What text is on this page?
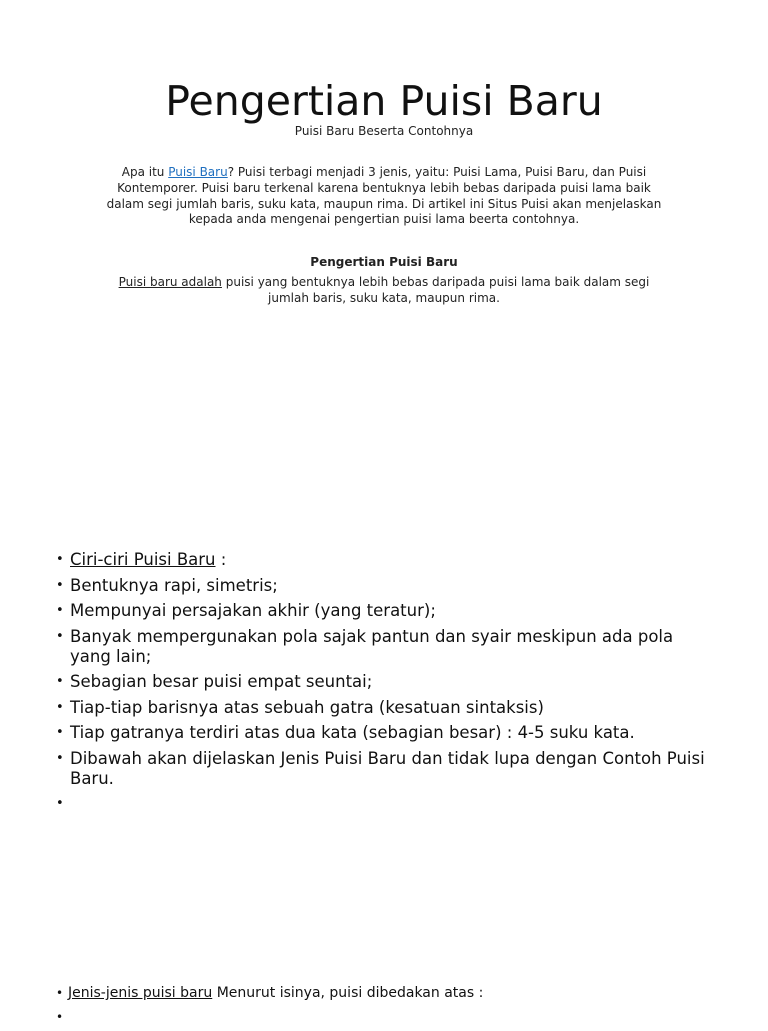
Pengertian Puisi Baru
Puisi Baru Beserta Contohnya

Apa itu Puisi Baru? Puisi terbagi menjadi 3 jenis, yaitu: Puisi Lama, Puisi Baru, dan Puisi Kontemporer. Puisi baru terkenal karena bentuknya lebih bebas daripada puisi lama baik dalam segi jumlah baris, suku kata, maupun rima. Di artikel ini Situs Puisi akan menjelaskan kepada anda mengenai pengertian puisi lama beerta contohnya.

Pengertian Puisi Baru

Puisi baru adalah puisi yang bentuknya lebih bebas daripada puisi lama baik dalam segi jumlah baris, suku kata, maupun rima.

• Ciri-ciri Puisi Baru :
• Bentuknya rapi, simetris;
• Mempunyai persajakan akhir (yang teratur);
• Banyak mempergunakan pola sajak pantun dan syair meskipun ada pola yang lain;
• Sebagian besar puisi empat seuntai;
• Tiap-tiap barisnya atas sebuah gatra (kesatuan sintaksis)
• Tiap gatranya terdiri atas dua kata (sebagian besar) : 4-5 suku kata.
• Dibawah akan dijelaskan Jenis Puisi Baru dan tidak lupa dengan Contoh Puisi Baru.
•
• Jenis-jenis puisi baru Menurut isinya, puisi dibedakan atas :
•
